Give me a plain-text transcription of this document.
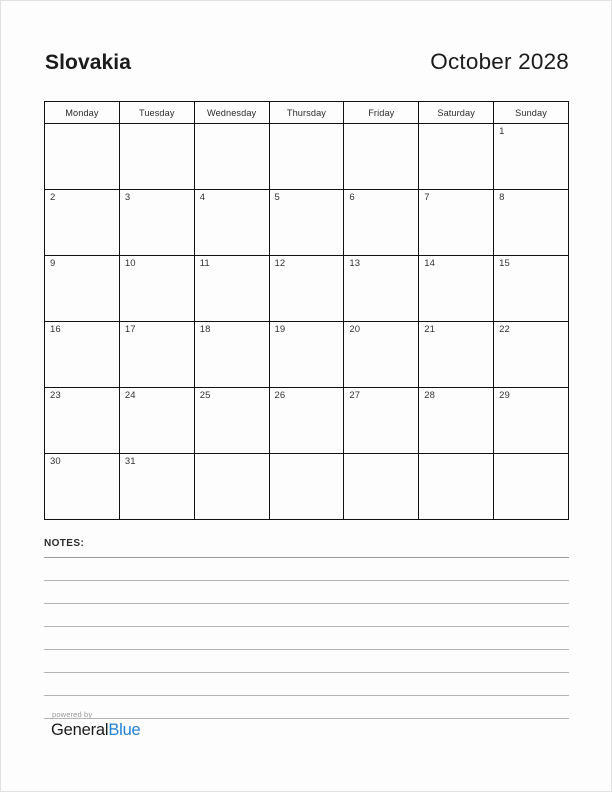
Slovakia	October 2028
Monday	Tuesday	Wednesday	Thursday	Friday	Saturday	Sunday

						1

2	3	4	5	6	7	8

9	10	11	12	13	14	15

16	17	18	19	20	21	22

23	24	25	26	27	28	29

30	31					

NOTES:
powered by
GeneralBlue
